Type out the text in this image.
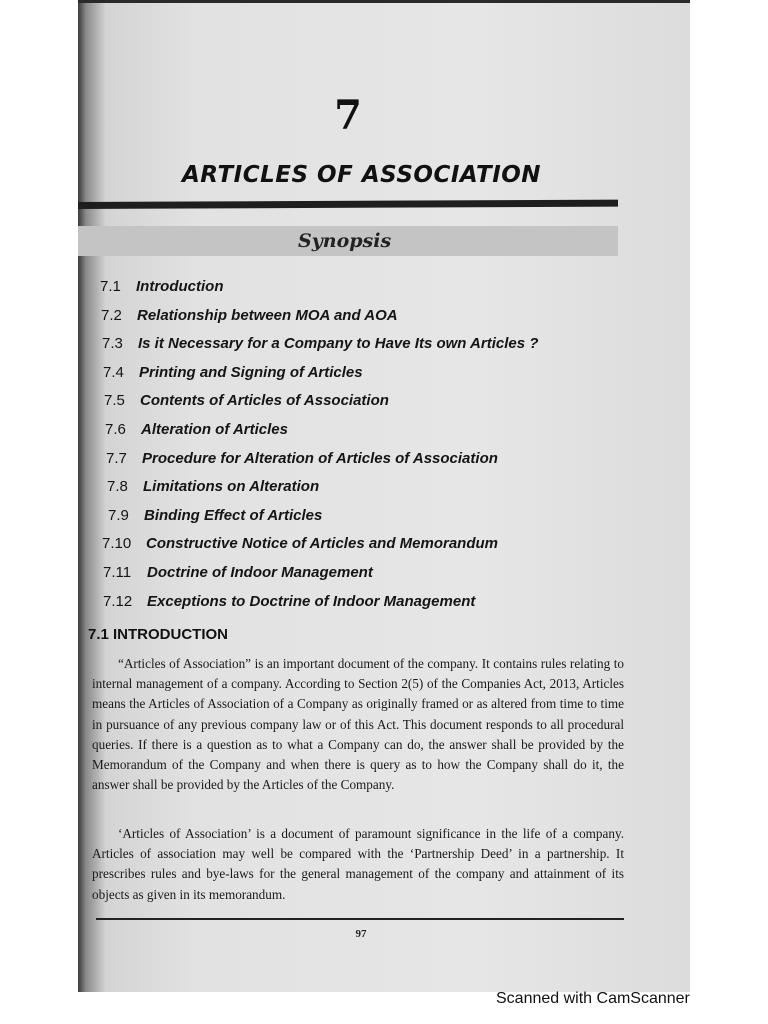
7
ARTICLES OF ASSOCIATION
Synopsis
7.1 Introduction
7.2 Relationship between MOA and AOA
7.3 Is it Necessary for a Company to Have Its own Articles ?
7.4 Printing and Signing of Articles
7.5 Contents of Articles of Association
7.6 Alteration of Articles
7.7 Procedure for Alteration of Articles of Association
7.8 Limitations on Alteration
7.9 Binding Effect of Articles
7.10 Constructive Notice of Articles and Memorandum
7.11 Doctrine of Indoor Management
7.12 Exceptions to Doctrine of Indoor Management
7.1 INTRODUCTION

“Articles of Association” is an important document of the company. It contains rules relating to internal management of a company. According to Section 2(5) of the Companies Act, 2013, Articles means the Articles of Association of a Company as originally framed or as altered from time to time in pursuance of any previous company law or of this Act. This document responds to all procedural queries. If there is a question as to what a Company can do, the answer shall be provided by the Memorandum of the Company and when there is query as to how the Company shall do it, the answer shall be provided by the Articles of the Company.

‘Articles of Association’ is a document of paramount significance in the life of a company. Articles of association may well be compared with the ‘Partnership Deed’ in a partnership. It prescribes rules and bye-laws for the general management of the company and attainment of its objects as given in its memorandum.

97
Scanned with CamScanner
